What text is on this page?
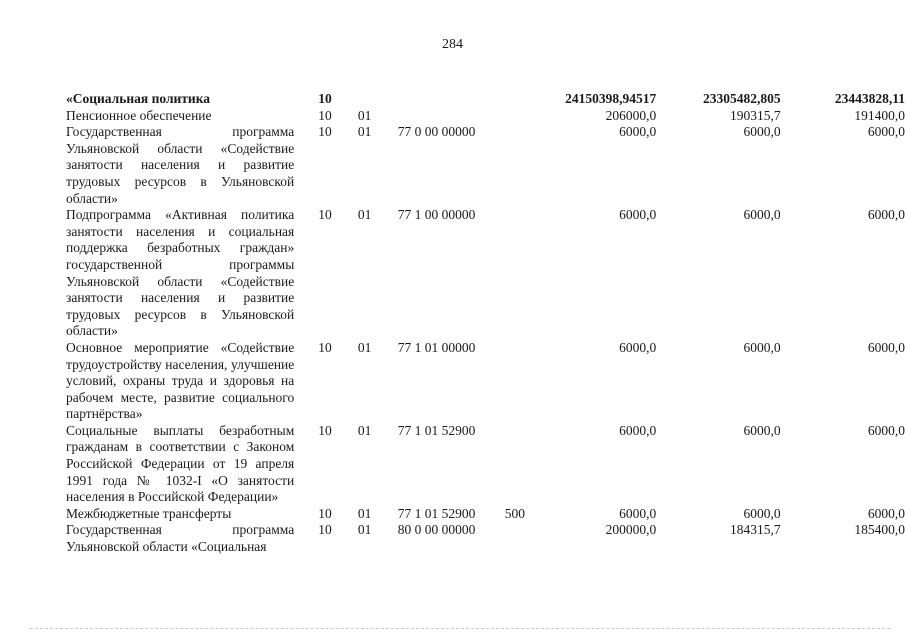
284
«Социальная политика	10				24150398,94517	23305482,805	23443828,11
Пенсионное обеспечение	10	01			206000,0	190315,7	191400,0
Государственная программа Ульяновской области «Содействие занятости населения и развитие трудовых ресурсов в Ульяновской области»	10	01	77 0 00 00000		6000,0	6000,0	6000,0
Подпрограмма «Активная политика занятости населения и социальная поддержка безработных граждан» государственной программы Ульяновской области «Содействие занятости населения и развитие трудовых ресурсов в Ульяновской области»	10	01	77 1 00 00000		6000,0	6000,0	6000,0
Основное мероприятие «Содействие трудоустройству населения, улучшение условий, охраны труда и здоровья на рабочем месте, развитие социального партнёрства»	10	01	77 1 01 00000		6000,0	6000,0	6000,0
Социальные выплаты безработным гражданам в соответствии с Законом Российской Федерации от 19 апреля 1991 года № 1032-I «О занятости населения в Российской Федерации»	10	01	77 1 01 52900		6000,0	6000,0	6000,0
Межбюджетные трансферты	10	01	77 1 01 52900	500	6000,0	6000,0	6000,0
Государственная программа Ульяновской области «Социальная	10	01	80 0 00 00000		200000,0	184315,7	185400,0
